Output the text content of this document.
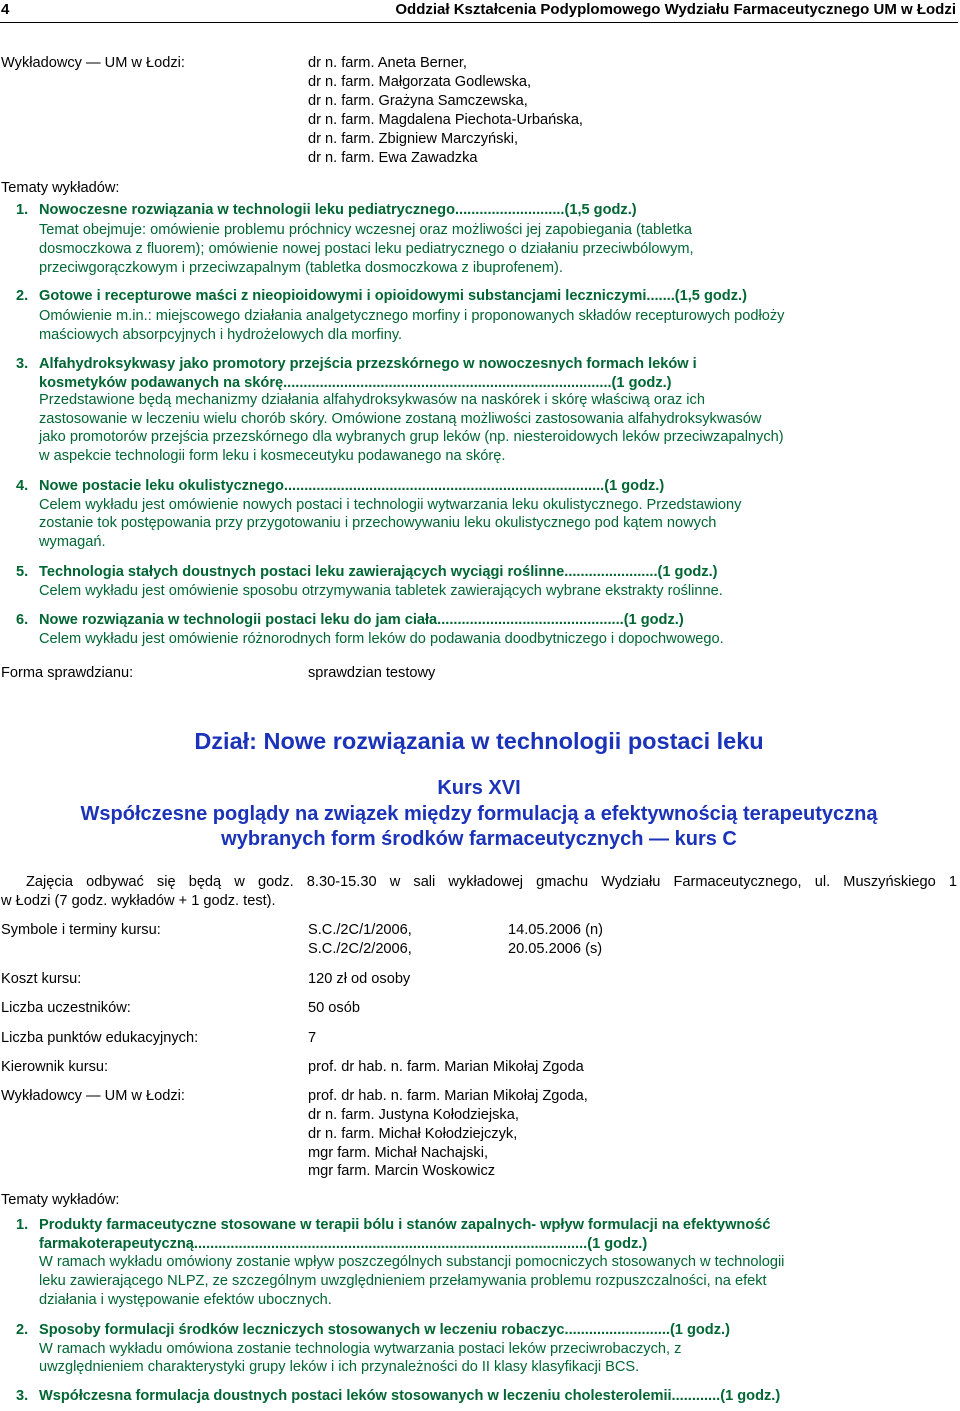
4	Oddział Kształcenia Podyplomowego Wydziału Farmaceutycznego UM w Łodzi
Wykładowcy — UM w Łodzi:	dr n. farm. Aneta Berner,
dr n. farm. Małgorzata Godlewska,
dr n. farm. Grażyna Samczewska,
dr n. farm. Magdalena Piechota-Urbańska,
dr n. farm. Zbigniew Marczyński,
dr n. farm. Ewa Zawadzka
Tematy wykładów:
1. Nowoczesne rozwiązania w technologii leku pediatrycznego...........................(1,5 godz.)
Temat obejmuje: omówienie problemu próchnicy wczesnej oraz możliwości jej zapobiegania (tabletka
dosmoczkowa z fluorem); omówienie nowej postaci leku pediatrycznego o działaniu przeciwbólowym,
przeciwgorączkowym i przeciwzapalnym (tabletka dosmoczkowa z ibuprofenem).
2. Gotowe i recepturowe maści z nieopioidowymi i opioidowymi substancjami leczniczymi.......(1,5 godz.)
Omówienie m.in.: miejscowego działania analgetycznego morfiny i proponowanych składów recepturowych podłoży
maściowych absorpcyjnych i hydrożelowych dla morfiny.
3. Alfahydroksykwasy jako promotory przejścia przezskórnego w nowoczesnych formach leków i
kosmetyków podawanych na skórę.................................................................................(1 godz.)
Przedstawione będą mechanizmy działania alfahydroksykwasów na naskórek i skórę właściwą oraz ich
zastosowanie w leczeniu wielu chorób skóry. Omówione zostaną możliwości zastosowania alfahydroksykwasów
jako promotorów przejścia przezskórnego dla wybranych grup leków (np. niesteroidowych leków przeciwzapalnych)
w aspekcie technologii form leku i kosmeceutyku podawanego na skórę.
4. Nowe postacie leku okulistycznego...............................................................................(1 godz.)
Celem wykładu jest omówienie nowych postaci i technologii wytwarzania leku okulistycznego. Przedstawiony
zostanie tok postępowania przy przygotowaniu i przechowywaniu leku okulistycznego pod kątem nowych
wymagań.
5. Technologia stałych doustnych postaci leku zawierających wyciągi roślinne.......................(1 godz.)
Celem wykładu jest omówienie sposobu otrzymywania tabletek zawierających wybrane ekstrakty roślinne.
6. Nowe rozwiązania w technologii postaci leku do jam ciała..............................................(1 godz.)
Celem wykładu jest omówienie różnorodnych form leków do podawania doodbytniczego i dopochwowego.
Forma sprawdzianu:	sprawdzian testowy
Dział: Nowe rozwiązania w technologii postaci leku
Kurs XVI
Współczesne poglądy na związek między formulacją a efektywnością terapeutyczną
wybranych form środków farmaceutycznych — kurs C
Zajęcia odbywać się będą w godz. 8.30-15.30 w sali wykładowej gmachu Wydziału Farmaceutycznego, ul. Muszyńskiego 1
w Łodzi (7 godz. wykładów + 1 godz. test).
Symbole i terminy kursu:	S.C./2C/1/2006,	14.05.2006 (n)
S.C./2C/2/2006,	20.05.2006 (s)
Koszt kursu:	120 zł od osoby
Liczba uczestników:	50 osób
Liczba punktów edukacyjnych:	7
Kierownik kursu:	prof. dr hab. n. farm. Marian Mikołaj Zgoda
Wykładowcy — UM w Łodzi:	prof. dr hab. n. farm. Marian Mikołaj Zgoda,
dr n. farm. Justyna Kołodziejska,
dr n. farm. Michał Kołodziejczyk,
mgr farm. Michał Nachajski,
mgr farm. Marcin Woskowicz
Tematy wykładów:
1. Produkty farmaceutyczne stosowane w terapii bólu i stanów zapalnych- wpływ formulacji na efektywność
farmakoterapeutyczną.................................................................................................(1 godz.)
W ramach wykładu omówiony zostanie wpływ poszczególnych substancji pomocniczych stosowanych w technologii
leku zawierającego NLPZ, ze szczególnym uwzględnieniem przełamywania problemu rozpuszczalności, na efekt
działania i występowanie efektów ubocznych.
2. Sposoby formulacji środków leczniczych stosowanych w leczeniu robaczyc..........................(1 godz.)
W ramach wykładu omówiona zostanie technologia wytwarzania postaci leków przeciwrobaczych, z
uwzględnieniem charakterystyki grupy leków i ich przynależności do II klasy klasyfikacji BCS.
3. Współczesna formulacja doustnych postaci leków stosowanych w leczeniu cholesterolemii............(1 godz.)
